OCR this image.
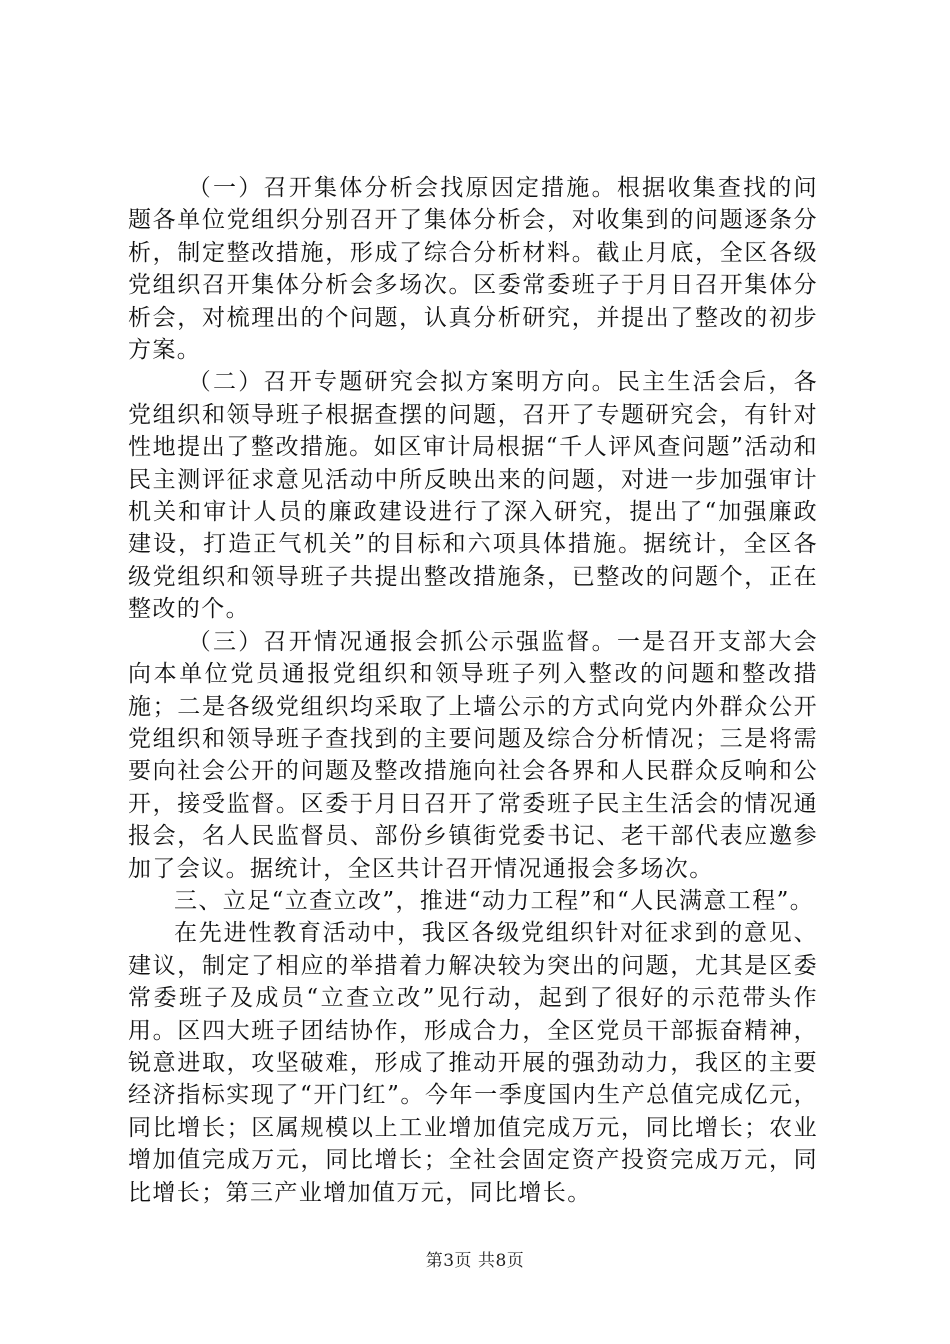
（一）召开集体分析会找原因定措施。根据收集查找的问题各单位党组织分别召开了集体分析会，对收集到的问题逐条分析，制定整改措施，形成了综合分析材料。截止月底，全区各级党组织召开集体分析会多场次。区委常委班子于月日召开集体分析会，对梳理出的个问题，认真分析研究，并提出了整改的初步方案。

（二）召开专题研究会拟方案明方向。民主生活会后，各党组织和领导班子根据查摆的问题，召开了专题研究会，有针对性地提出了整改措施。如区审计局根据“千人评风查问题”活动和民主测评征求意见活动中所反映出来的问题，对进一步加强审计机关和审计人员的廉政建设进行了深入研究，提出了“加强廉政建设，打造正气机关”的目标和六项具体措施。据统计，全区各级党组织和领导班子共提出整改措施条，已整改的问题个，正在整改的个。

（三）召开情况通报会抓公示强监督。一是召开支部大会向本单位党员通报党组织和领导班子列入整改的问题和整改措施；二是各级党组织均采取了上墙公示的方式向党内外群众公开党组织和领导班子查找到的主要问题及综合分析情况；三是将需要向社会公开的问题及整改措施向社会各界和人民群众反响和公开，接受监督。区委于月日召开了常委班子民主生活会的情况通报会，名人民监督员、部份乡镇街党委书记、老干部代表应邀参加了会议。据统计，全区共计召开情况通报会多场次。

三、立足“立查立改”，推进“动力工程”和“人民满意工程”。

在先进性教育活动中，我区各级党组织针对征求到的意见、建议，制定了相应的举措着力解决较为突出的问题，尤其是区委常委班子及成员“立查立改”见行动，起到了很好的示范带头作用。区四大班子团结协作，形成合力，全区党员干部振奋精神，锐意进取，攻坚破难，形成了推动开展的强劲动力，我区的主要经济指标实现了“开门红”。今年一季度国内生产总值完成亿元，同比增长；区属规模以上工业增加值完成万元，同比增长；农业增加值完成万元，同比增长；全社会固定资产投资完成万元，同比增长；第三产业增加值万元，同比增长。

第3页 共8页
